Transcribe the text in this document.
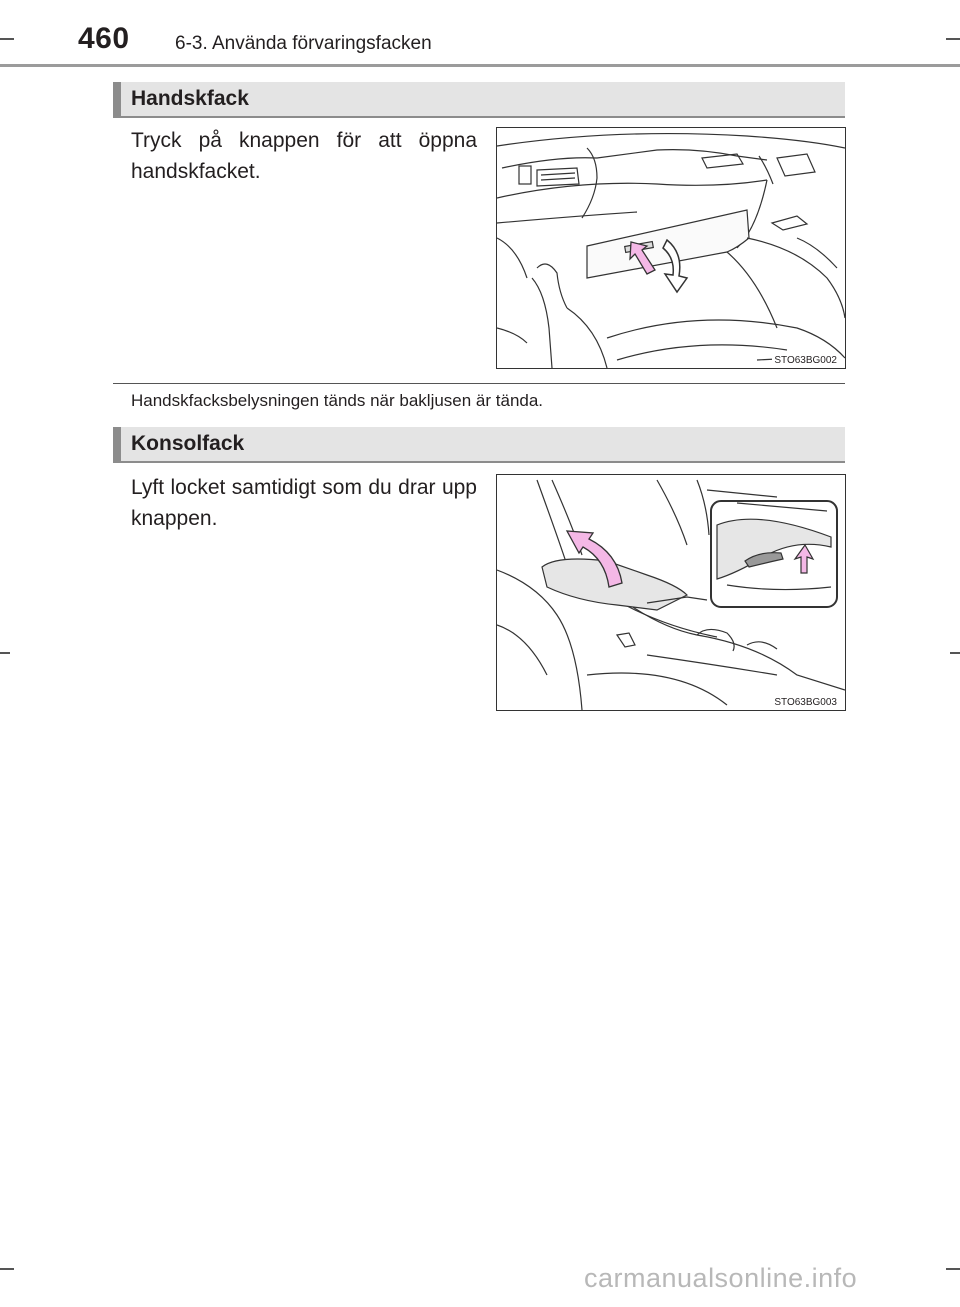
460 6-3. Använda förvaringsfacken
Handskfack
Tryck på knappen för att öppna handskfacket.
STO63BG002
Handskfacksbelysningen tänds när bakljusen är tända.
Konsolfack
Lyft locket samtidigt som du drar upp knappen.
STO63BG003
carmanualsonline.info
